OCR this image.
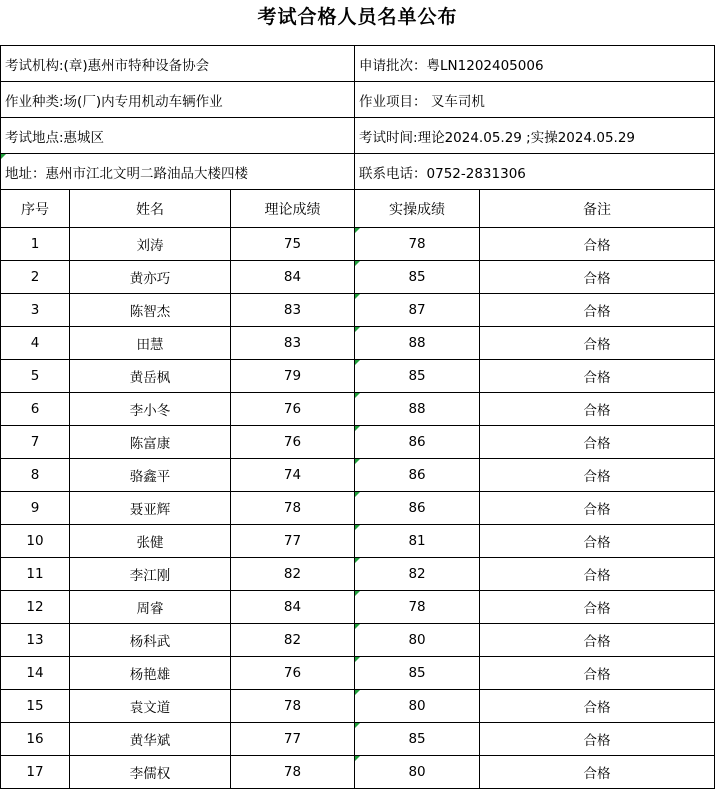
考试合格人员名单公布
考试机构:(章)惠州市特种设备协会			申请批次：粤LN1202405006	
作业种类:场(厂)内专用机动车辆作业			作业项目： 叉车司机	
考试地点:惠城区			考试时间:理论2024.05.29 ;实操2024.05.29	
地址：惠州市江北文明二路油品大楼四楼			联系电话：0752-2831306	
序号	姓名	理论成绩	实操成绩	备注
1	刘涛	75	78	合格
2	黄亦巧	84	85	合格
3	陈智杰	83	87	合格
4	田慧	83	88	合格
5	黄岳枫	79	85	合格
6	李小冬	76	88	合格
7	陈富康	76	86	合格
8	骆鑫平	74	86	合格
9	聂亚辉	78	86	合格
10	张健	77	81	合格
11	李江刚	82	82	合格
12	周睿	84	78	合格
13	杨科武	82	80	合格
14	杨艳雄	76	85	合格
15	袁文道	78	80	合格
16	黄华斌	77	85	合格
17	李儒权	78	80	合格
